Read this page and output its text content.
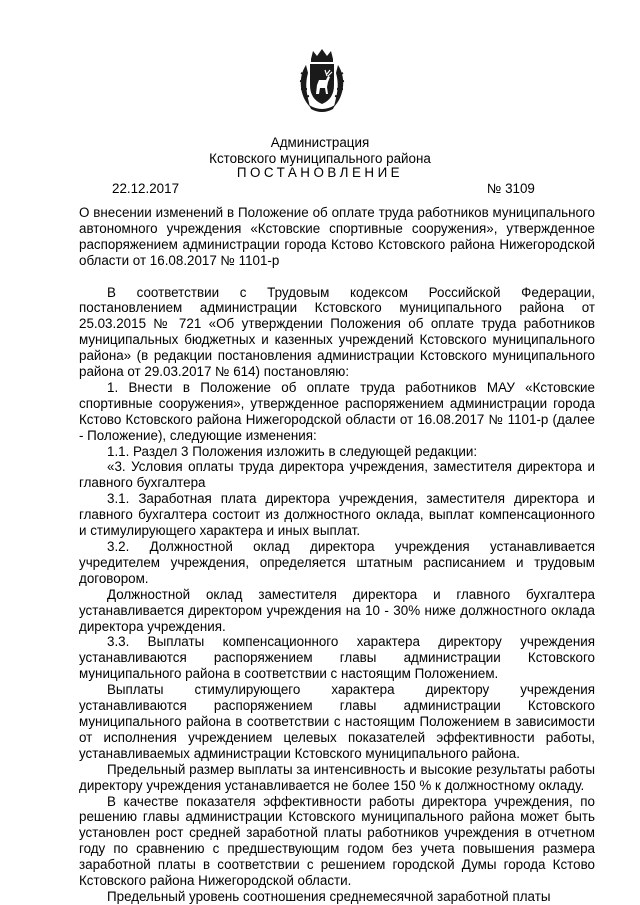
Администрация
Кстовского муниципального района
ПОСТАНОВЛЕНИЕ
22.12.2017	№ 3109

О внесении изменений в Положение об оплате труда работников муниципального автономного учреждения «Кстовские спортивные сооружения», утвержденное распоряжением администрации города Кстово Кстовского района Нижегородской области от 16.08.2017 № 1101-р

В соответствии с Трудовым кодексом Российской Федерации, постановлением администрации Кстовского муниципального района от 25.03.2015 № 721 «Об утверждении Положения об оплате труда работников муниципальных бюджетных и казенных учреждений Кстовского муниципального района» (в редакции постановления администрации Кстовского муниципального района от 29.03.2017 № 614) постановляю:

1. Внести в Положение об оплате труда работников МАУ «Кстовские спортивные сооружения», утвержденное распоряжением администрации города Кстово Кстовского района Нижегородской области от 16.08.2017 № 1101-р (далее - Положение), следующие изменения:

1.1. Раздел 3 Положения изложить в следующей редакции:

«3. Условия оплаты труда директора учреждения, заместителя директора и главного бухгалтера

3.1. Заработная плата директора учреждения, заместителя директора и главного бухгалтера состоит из должностного оклада, выплат компенсационного и стимулирующего характера и иных выплат.

3.2. Должностной оклад директора учреждения устанавливается учредителем учреждения, определяется штатным расписанием и трудовым договором.

Должностной оклад заместителя директора и главного бухгалтера устанавливается директором учреждения на 10 - 30% ниже должностного оклада директора учреждения.

3.3. Выплаты компенсационного характера директору учреждения устанавливаются распоряжением главы администрации Кстовского муниципального района в соответствии с настоящим Положением.

Выплаты стимулирующего характера директору учреждения устанавливаются распоряжением главы администрации Кстовского муниципального района в соответствии с настоящим Положением в зависимости от исполнения учреждением целевых показателей эффективности работы, устанавливаемых администрации Кстовского муниципального района.

Предельный размер выплаты за интенсивность и высокие результаты работы директору учреждения устанавливается не более 150 % к должностному окладу.

В качестве показателя эффективности работы директора учреждения, по решению главы администрации Кстовского муниципального района может быть установлен рост средней заработной платы работников учреждения в отчетном году по сравнению с предшествующим годом без учета повышения размера заработной платы в соответствии с решением городской Думы города Кстово Кстовского района Нижегородской области.

Предельный уровень соотношения среднемесячной заработной платы
